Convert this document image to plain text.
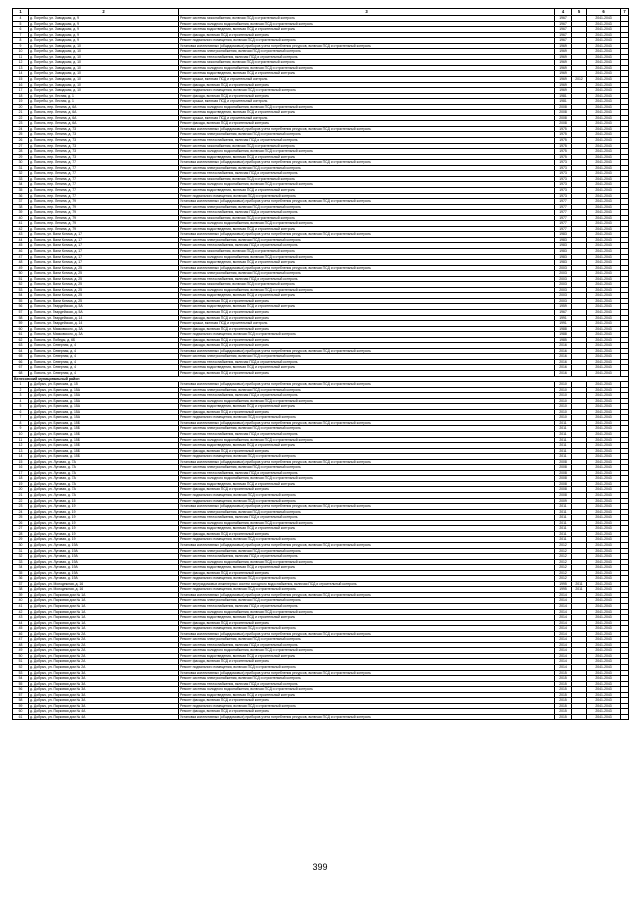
1	2	3	4	5	6	7
4	д. Погребы, ул. Заводская, д. 9	Ремонт системы газоснабжения, включая ПСД и строительный контроль	1967		2041-2043	
5	д. Погребы, ул. Заводская, д. 9	Ремонт системы холодного водоснабжения, включая ПСД и строительный контроль	1967		2041-2043	
6	д. Погребы, ул. Заводская, д. 9	Ремонт системы водоотведения, включая ПСД и строительный контроль	1967		2041-2043	
7	д. Погребы, ул. Заводская, д. 9	Ремонт фасада, включая ПСД и строительный контроль	1967		2041-2043	
8	д. Погребы, ул. Заводская, д. 9	Ремонт подвального помещения, включая ПСД и строительный контроль	1967		2041-2043	
9	д. Погребы, ул. Заводская, д. 10	Установка коллективных (общедомовых) приборов учета потребления ресурсов, включая ПСД и строительный контроль	1969		2041-2043	
10	д. Погребы, ул. Заводская, д. 10	Ремонт системы электроснабжения, включая ПСД и строительный контроль	1969		2041-2043	
11	д. Погребы, ул. Заводская, д. 10	Ремонт системы теплоснабжения, включая ПСД и строительный контроль	1969		2041-2043	
12	д. Погребы, ул. Заводская, д. 10	Ремонт системы газоснабжения, включая ПСД и строительный контроль	1969		2041-2043	
13	д. Погребы, ул. Заводская, д. 10	Ремонт системы холодного водоснабжения, включая ПСД и строительный контроль	1969		2041-2043	
14	д. Погребы, ул. Заводская, д. 10	Ремонт системы водоотведения, включая ПСД и строительный контроль	1969		2041-2043	
15	д. Погребы, ул. Заводская, д. 10	Ремонт крыши, включая ПСД и строительный контроль	1969	2012	2041-2043	
16	д. Погребы, ул. Заводская, д. 10	Ремонт фасада, включая ПСД и строительный контроль	1969		2041-2043	
17	д. Погребы, ул. Заводская, д. 10	Ремонт подвального помещения, включая ПСД и строительный контроль	1969		2041-2043	
18	д. Погребы, ул. Лесная, д. 1	Ремонт фасада, включая ПСД и строительный контроль	1981		2041-2043	
19	д. Погребы, ул. Лесная, д. 1	Ремонт крыши, включая ПСД и строительный контроль	1981		2041-2043	
20	д. Поволь, пер. Ленина, д. 6А	Ремонт системы холодного водоснабжения, включая ПСД и строительный контроль	2008		2041-2043	
21	д. Поволь, пер. Ленина, д. 6А	Ремонт системы водоотведения, включая ПСД и строительный контроль	2008		2041-2043	
22	д. Поволь, пер. Ленина, д. 6А	Ремонт крыши, включая ПСД и строительный контроль	2008		2041-2043	
23	д. Поволь, пер. Ленина, д. 6А	Ремонт фасада, включая ПСД и строительный контроль	2008		2041-2043	
24	д. Поволь, пер. Ленина, д. 73	Установка коллективных (общедомовых) приборов учета потребления ресурсов, включая ПСД и строительный контроль	1975		2041-2043	
25	д. Поволь, пер. Ленина, д. 73	Ремонт системы электроснабжения, включая ПСД и строительный контроль	1975		2041-2043	
26	д. Поволь, пер. Ленина, д. 73	Ремонт системы теплоснабжения, включая ПСД и строительный контроль	1975		2041-2043	
27	д. Поволь, пер. Ленина, д. 73	Ремонт системы газоснабжения, включая ПСД и строительный контроль	1975		2041-2043	
28	д. Поволь, пер. Ленина, д. 73	Ремонт системы холодного водоснабжения, включая ПСД и строительный контроль	1975		2041-2043	
29	д. Поволь, пер. Ленина, д. 73	Ремонт системы водоотведения, включая ПСД и строительный контроль	1975		2041-2043	
30	д. Поволь, пер. Ленина, д. 77	Установка коллективных (общедомовых) приборов учета потребления ресурсов, включая ПСД и строительный контроль	1973		2041-2043	
31	д. Поволь, пер. Ленина, д. 77	Ремонт системы электроснабжения, включая ПСД и строительный контроль	1973		2041-2043	
32	д. Поволь, пер. Ленина, д. 77	Ремонт системы теплоснабжения, включая ПСД и строительный контроль	1973		2041-2043	
33	д. Поволь, пер. Ленина, д. 77	Ремонт системы газоснабжения, включая ПСД и строительный контроль	1973		2041-2043	
34	д. Поволь, пер. Ленина, д. 77	Ремонт системы холодного водоснабжения, включая ПСД и строительный контроль	1973		2041-2043	
35	д. Поволь, пер. Ленина, д. 77	Ремонт системы водоотведения, включая ПСД и строительный контроль	1973		2041-2043	
36	д. Поволь, пер. Ленина, д. 77	Ремонт подвального помещения, включая ПСД и строительный контроль	1973		2041-2043	
37	д. Поволь, пер. Ленина, д. 79	Установка коллективных (общедомовых) приборов учета потребления ресурсов, включая ПСД и строительный контроль	1977		2041-2043	
38	д. Поволь, пер. Ленина, д. 79	Ремонт системы электроснабжения, включая ПСД и строительный контроль	1977		2041-2043	
39	д. Поволь, пер. Ленина, д. 79	Ремонт системы теплоснабжения, включая ПСД и строительный контроль	1977		2041-2043	
40	д. Поволь, пер. Ленина, д. 79	Ремонт системы газоснабжения, включая ПСД и строительный контроль	1977		2041-2043	
41	д. Поволь, пер. Ленина, д. 79	Ремонт системы холодного водоснабжения, включая ПСД и строительный контроль	1977		2041-2043	
42	д. Поволь, пер. Ленина, д. 79	Ремонт системы водоотведения, включая ПСД и строительный контроль	1977		2041-2043	
43	д. Поволь, ул. Вали Котика, д. 17	Установка коллективных (общедомовых) приборов учета потребления ресурсов, включая ПСД и строительный контроль	1983		2041-2043	
44	д. Поволь, ул. Вали Котика, д. 17	Ремонт системы электроснабжения, включая ПСД и строительный контроль	1983		2041-2043	
45	д. Поволь, ул. Вали Котика, д. 17	Ремонт системы теплоснабжения, включая ПСД и строительный контроль	1983		2041-2043	
46	д. Поволь, ул. Вали Котика, д. 17	Ремонт системы газоснабжения, включая ПСД и строительный контроль	1983		2041-2043	
47	д. Поволь, ул. Вали Котика, д. 17	Ремонт системы холодного водоснабжения, включая ПСД и строительный контроль	1983		2041-2043	
48	д. Поволь, ул. Вали Котика, д. 17	Ремонт системы водоотведения, включая ПСД и строительный контроль	1983		2041-2043	
49	д. Поволь, ул. Вали Котика, д. 25	Установка коллективных (общедомовых) приборов учета потребления ресурсов, включая ПСД и строительный контроль	2003		2041-2043	
50	д. Поволь, ул. Вали Котика, д. 25	Ремонт системы электроснабжения, включая ПСД и строительный контроль	2003		2041-2043	
51	д. Поволь, ул. Вали Котика, д. 25	Ремонт системы теплоснабжения, включая ПСД и строительный контроль	2003		2041-2043	
52	д. Поволь, ул. Вали Котика, д. 25	Ремонт системы газоснабжения, включая ПСД и строительный контроль	2003		2041-2043	
53	д. Поволь, ул. Вали Котика, д. 25	Ремонт системы холодного водоснабжения, включая ПСД и строительный контроль	2003		2041-2043	
54	д. Поволь, ул. Вали Котика, д. 25	Ремонт системы водоотведения, включая ПСД и строительный контроль	2003		2041-2043	
55	д. Поволь, ул. Вали Котика, д. 25	Ремонт фасада, включая ПСД и строительный контроль	2003		2041-2043	
56	д. Поволь, ул. Гвардейская, д. 5А	Ремонт системы водоотведения, включая ПСД и строительный контроль	1959		2041-2043	
57	д. Поволь, ул. Гвардейская, д. 5А	Ремонт фасада, включая ПСД и строительный контроль	1967		2041-2043	
58	д. Поволь, ул. Гвардейская, д. 14	Ремонт фасада, включая ПСД и строительный контроль	1991		2041-2043	
59	д. Поволь, ул. Гвардейская, д. 14	Ремонт крыши, включая ПСД и строительный контроль	1991		2041-2043	
60	д. Поволь, ул. Маяковского, д. 3А	Ремонт фасада, включая ПСД и строительный контроль	1988		2041-2043	
61	д. Поволь, ул. Маяковского, д. 3А	Ремонт подвального помещения, включая ПСД и строительный контроль	1988		2041-2043	
62	д. Поволь, ул. Победы, д. 6Б	Ремонт фасада, включая ПСД и строительный контроль	1985		2041-2043	
63	д. Поволь, ул. Северная, д. 4	Ремонт фасада, включая ПСД и строительный контроль	2016		2041-2043	
64	д. Поволь, ул. Северная, д. 4	Установка коллективных (общедомовых) приборов учета потребления ресурсов, включая ПСД и строительный контроль	2016		2041-2043	
65	д. Поволь, ул. Северная, д. 4	Ремонт системы электроснабжения, включая ПСД и строительный контроль	2016		2041-2043	
66	д. Поволь, ул. Северная, д. 4	Ремонт системы теплоснабжения, включая ПСД и строительный контроль	2016		2041-2043	
67	д. Поволь, ул. Северная, д. 4	Ремонт системы водоотведения, включая ПСД и строительный контроль	2016		2041-2043	
68	д. Поволь, ул. Северная, д. 4	Ремонт фасада, включая ПСД и строительный контроль	2016		2041-2043	
Велесовский муниципальный район						
1	д. Добрыч, ул. Брянская, д. 15	Установка коллективных (общедомовых) приборов учета потребления ресурсов, включая ПСД и строительный контроль	2010		2041-2043	
2	д. Добрыч, ул. Брянская, д. 15А	Ремонт системы электроснабжения, включая ПСД и строительный контроль	2010		2041-2043	
3	д. Добрыч, ул. Брянская, д. 15А	Ремонт системы теплоснабжения, включая ПСД и строительный контроль	2010		2041-2043	
4	д. Добрыч, ул. Брянская, д. 15А	Ремонт системы холодного водоснабжения, включая ПСД и строительный контроль	2010		2041-2043	
5	д. Добрыч, ул. Брянская, д. 15А	Ремонт системы водоотведения, включая ПСД и строительный контроль	2010		2041-2043	
6	д. Добрыч, ул. Брянская, д. 15А	Ремонт фасада, включая ПСД и строительный контроль	2010		2041-2043	
7	д. Добрыч, ул. Брянская, д. 15А	Ремонт подвального помещения, включая ПСД и строительный контроль	2010		2041-2043	
8	д. Добрыч, ул. Брянская, д. 15Б	Установка коллективных (общедомовых) приборов учета потребления ресурсов, включая ПСД и строительный контроль	2011		2041-2043	
9	д. Добрыч, ул. Брянская, д. 15Б	Ремонт системы электроснабжения, включая ПСД и строительный контроль	2011		2041-2043	
10	д. Добрыч, ул. Брянская, д. 15Б	Ремонт системы теплоснабжения, включая ПСД и строительный контроль	2011		2041-2043	
11	д. Добрыч, ул. Брянская, д. 15Б	Ремонт системы холодного водоснабжения, включая ПСД и строительный контроль	2011		2041-2043	
12	д. Добрыч, ул. Брянская, д. 15Б	Ремонт системы водоотведения, включая ПСД и строительный контроль	2011		2041-2043	
13	д. Добрыч, ул. Брянская, д. 15Б	Ремонт фасада, включая ПСД и строительный контроль	2011		2041-2043	
14	д. Добрыч, ул. Брянская, д. 15Б	Ремонт подвального помещения, включая ПСД и строительный контроль	2011		2041-2043	
15	д. Добрыч, ул. Луговая, д. 7А	Установка коллективных (общедомовых) приборов учета потребления ресурсов, включая ПСД и строительный контроль	2008		2041-2043	
16	д. Добрыч, ул. Луговая, д. 7А	Ремонт системы электроснабжения, включая ПСД и строительный контроль	2008		2041-2043	
17	д. Добрыч, ул. Луговая, д. 7А	Ремонт системы теплоснабжения, включая ПСД и строительный контроль	2008		2041-2043	
18	д. Добрыч, ул. Луговая, д. 7А	Ремонт системы холодного водоснабжения, включая ПСД и строительный контроль	2008		2041-2043	
19	д. Добрыч, ул. Луговая, д. 7А	Ремонт системы водоотведения, включая ПСД и строительный контроль	2008		2041-2043	
20	д. Добрыч, ул. Луговая, д. 7А	Ремонт фасада, включая ПСД и строительный контроль	2008		2041-2043	
21	д. Добрыч, ул. Луговая, д. 7А	Ремонт подвального помещения, включая ПСД и строительный контроль	2008		2041-2043	
22	д. Добрыч, ул. Луговая, д. 15	Ремонт подвального помещения, включая ПСД и строительный контроль	2009		2041-2043	
23	д. Добрыч, ул. Луговая, д. 19	Установка коллективных (общедомовых) приборов учета потребления ресурсов, включая ПСД и строительный контроль	2011		2041-2043	
24	д. Добрыч, ул. Луговая, д. 19	Ремонт системы электроснабжения, включая ПСД и строительный контроль	2011		2041-2043	
25	д. Добрыч, ул. Луговая, д. 19	Ремонт системы теплоснабжения, включая ПСД и строительный контроль	2011		2041-2043	
26	д. Добрыч, ул. Луговая, д. 19	Ремонт системы холодного водоснабжения, включая ПСД и строительный контроль	2011		2041-2043	
27	д. Добрыч, ул. Луговая, д. 19	Ремонт системы водоотведения, включая ПСД и строительный контроль	2011		2041-2043	
28	д. Добрыч, ул. Луговая, д. 19	Ремонт фасада, включая ПСД и строительный контроль	2011		2041-2043	
29	д. Добрыч, ул. Луговая, д. 19	Ремонт подвального помещения, включая ПСД и строительный контроль	2011		2041-2043	
30	д. Добрыч, ул. Луговая, д. 19А	Установка коллективных (общедомовых) приборов учета потребления ресурсов, включая ПСД и строительный контроль	2012		2041-2043	
31	д. Добрыч, ул. Луговая, д. 19А	Ремонт системы электроснабжения, включая ПСД и строительный контроль	2012		2041-2043	
32	д. Добрыч, ул. Луговая, д. 19А	Ремонт системы теплоснабжения, включая ПСД и строительный контроль	2012		2041-2043	
33	д. Добрыч, ул. Луговая, д. 19А	Ремонт системы холодного водоснабжения, включая ПСД и строительный контроль	2012		2041-2043	
34	д. Добрыч, ул. Луговая, д. 19А	Ремонт системы водоотведения, включая ПСД и строительный контроль	2012		2041-2043	
35	д. Добрыч, ул. Луговая, д. 19А	Ремонт фасада, включая ПСД и строительный контроль	2012		2041-2043	
36	д. Добрыч, ул. Луговая, д. 19А	Ремонт подвального помещения, включая ПСД и строительный контроль	2012		2041-2043	
37	д. Добрыч, ул. Молодежная, д. 16	Ремонт внутридомовых инженерных систем холодного водоснабжения, включая ПСД и строительный контроль	1995	2011	2041-2043	
38	д. Добрыч, ул. Молодежная, д. 16	Ремонт подвального помещения, включая ПСД и строительный контроль	1995	2011	2041-2043	
39	д. Добрыч, ул. Парковая дом № 1А	Установка коллективных (общедомовых) приборов учета потребления ресурсов, включая ПСД и строительный контроль	2014		2041-2043	
40	д. Добрыч, ул. Парковая дом № 1А	Ремонт системы электроснабжения, включая ПСД и строительный контроль	2014		2041-2043	
41	д. Добрыч, ул. Парковая дом № 1А	Ремонт системы теплоснабжения, включая ПСД и строительный контроль	2014		2041-2043	
42	д. Добрыч, ул. Парковая дом № 1А	Ремонт системы холодного водоснабжения, включая ПСД и строительный контроль	2014		2041-2043	
43	д. Добрыч, ул. Парковая дом № 1А	Ремонт системы водоотведения, включая ПСД и строительный контроль	2014		2041-2043	
44	д. Добрыч, ул. Парковая дом № 1А	Ремонт фасада, включая ПСД и строительный контроль	2014		2041-2043	
45	д. Добрыч, ул. Парковая дом № 1А	Ремонт подвального помещения, включая ПСД и строительный контроль	2014		2041-2043	
46	д. Добрыч, ул. Парковая дом № 2А	Установка коллективных (общедомовых) приборов учета потребления ресурсов, включая ПСД и строительный контроль	2014		2041-2043	
47	д. Добрыч, ул. Парковая дом № 2А	Ремонт системы электроснабжения, включая ПСД и строительный контроль	2014		2041-2043	
48	д. Добрыч, ул. Парковая дом № 2А	Ремонт системы теплоснабжения, включая ПСД и строительный контроль	2014		2041-2043	
49	д. Добрыч, ул. Парковая дом № 2А	Ремонт системы холодного водоснабжения, включая ПСД и строительный контроль	2014		2041-2043	
50	д. Добрыч, ул. Парковая дом № 2А	Ремонт системы водоотведения, включая ПСД и строительный контроль	2014		2041-2043	
51	д. Добрыч, ул. Парковая дом № 2А	Ремонт фасада, включая ПСД и строительный контроль	2014		2041-2043	
52	д. Добрыч, ул. Парковая дом № 2А	Ремонт подвального помещения, включая ПСД и строительный контроль	2014		2041-2043	
53	д. Добрыч, ул. Парковая дом № 3А	Установка коллективных (общедомовых) приборов учета потребления ресурсов, включая ПСД и строительный контроль	2015		2041-2043	
54	д. Добрыч, ул. Парковая дом № 3А	Ремонт системы электроснабжения, включая ПСД и строительный контроль	2015		2041-2043	
55	д. Добрыч, ул. Парковая дом № 3А	Ремонт системы теплоснабжения, включая ПСД и строительный контроль	2015		2041-2043	
56	д. Добрыч, ул. Парковая дом № 3А	Ремонт системы холодного водоснабжения, включая ПСД и строительный контроль	2015		2041-2043	
57	д. Добрыч, ул. Парковая дом № 3А	Ремонт системы водоотведения, включая ПСД и строительный контроль	2015		2041-2043	
58	д. Добрыч, ул. Парковая дом № 3А	Ремонт фасада, включая ПСД и строительный контроль	2015		2041-2043	
59	д. Добрыч, ул. Парковая дом № 3А	Ремонт подвального помещения, включая ПСД и строительный контроль	2015		2041-2043	
60	д. Добрыч, ул. Парковая дом № 4А	Ремонт фасада, включая ПСД и строительный контроль	2015		2041-2043	
61	д. Добрыч, ул. Парковая дом № 4А	Установка коллективных (общедомовых) приборов учета потребления ресурсов, включая ПСД и строительный контроль	2015		2041-2043	
399
